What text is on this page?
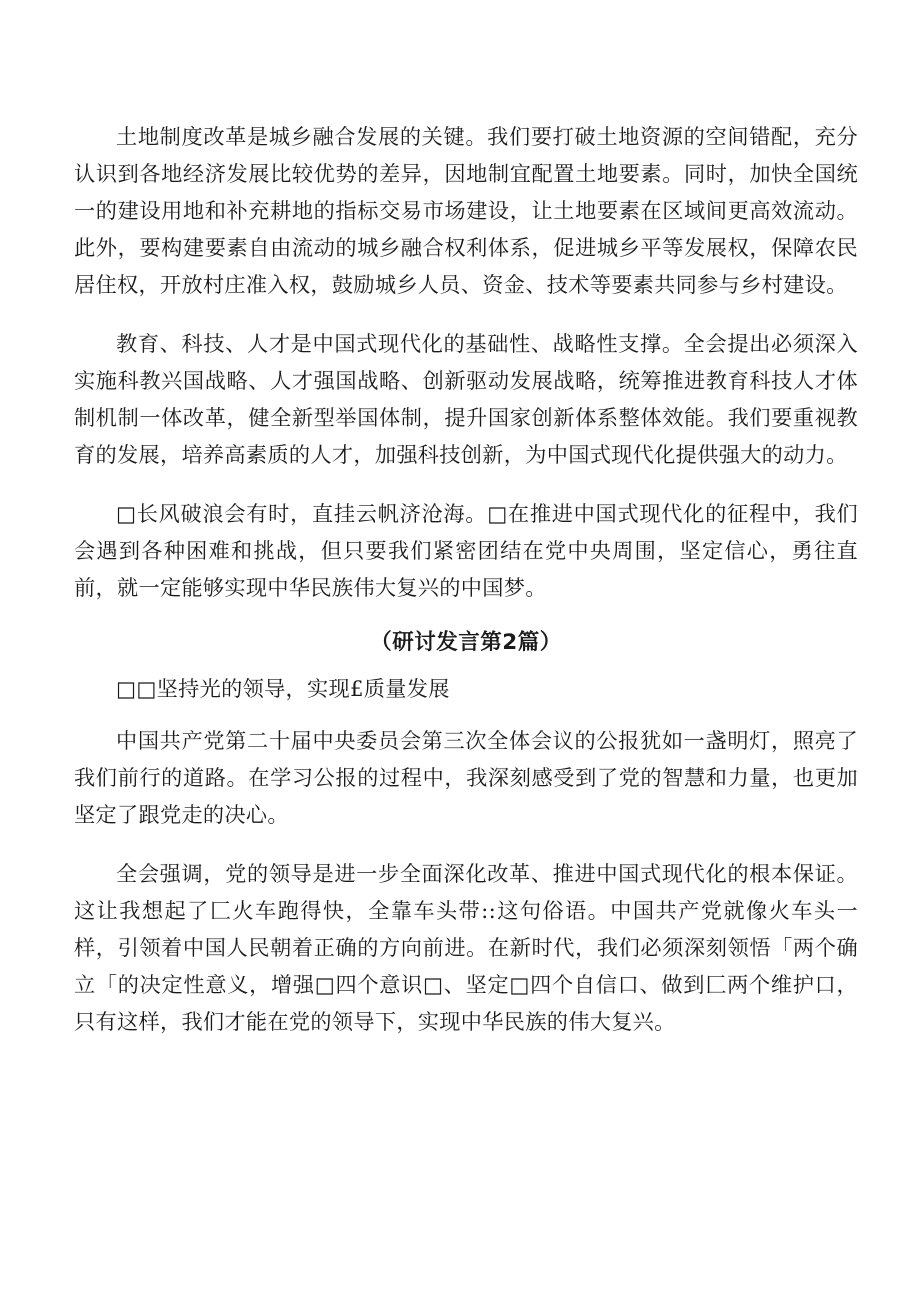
土地制度改革是城乡融合发展的关键。我们要打破土地资源的空间错配，充分认识到各地经济发展比较优势的差异，因地制宜配置土地要素。同时，加快全国统一的建设用地和补充耕地的指标交易市场建设，让土地要素在区域间更高效流动。此外，要构建要素自由流动的城乡融合权利体系，促进城乡平等发展权，保障农民居住权，开放村庄准入权，鼓励城乡人员、资金、技术等要素共同参与乡村建设。

教育、科技、人才是中国式现代化的基础性、战略性支撑。全会提出必须深入实施科教兴国战略、人才强国战略、创新驱动发展战略，统筹推进教育科技人才体制机制一体改革，健全新型举国体制，提升国家创新体系整体效能。我们要重视教育的发展，培养高素质的人才，加强科技创新，为中国式现代化提供强大的动力。

□长风破浪会有时，直挂云帆济沧海。□在推进中国式现代化的征程中，我们会遇到各种困难和挑战，但只要我们紧密团结在党中央周围，坚定信心，勇往直前，就一定能够实现中华民族伟大复兴的中国梦。

（研讨发言第2篇）

□□坚持光的领导，实现£质量发展

中国共产党第二十届中央委员会第三次全体会议的公报犹如一盏明灯，照亮了我们前行的道路。在学习公报的过程中，我深刻感受到了党的智慧和力量，也更加坚定了跟党走的决心。

全会强调，党的领导是进一步全面深化改革、推进中国式现代化的根本保证。这让我想起了匚火车跑得快，全靠车头带::这句俗语。中国共产党就像火车头一样，引领着中国人民朝着正确的方向前进。在新时代，我们必须深刻领悟「两个确立「的决定性意义，增强□四个意识□、坚定□四个自信口、做到匚两个维护口，只有这样，我们才能在党的领导下，实现中华民族的伟大复兴。
